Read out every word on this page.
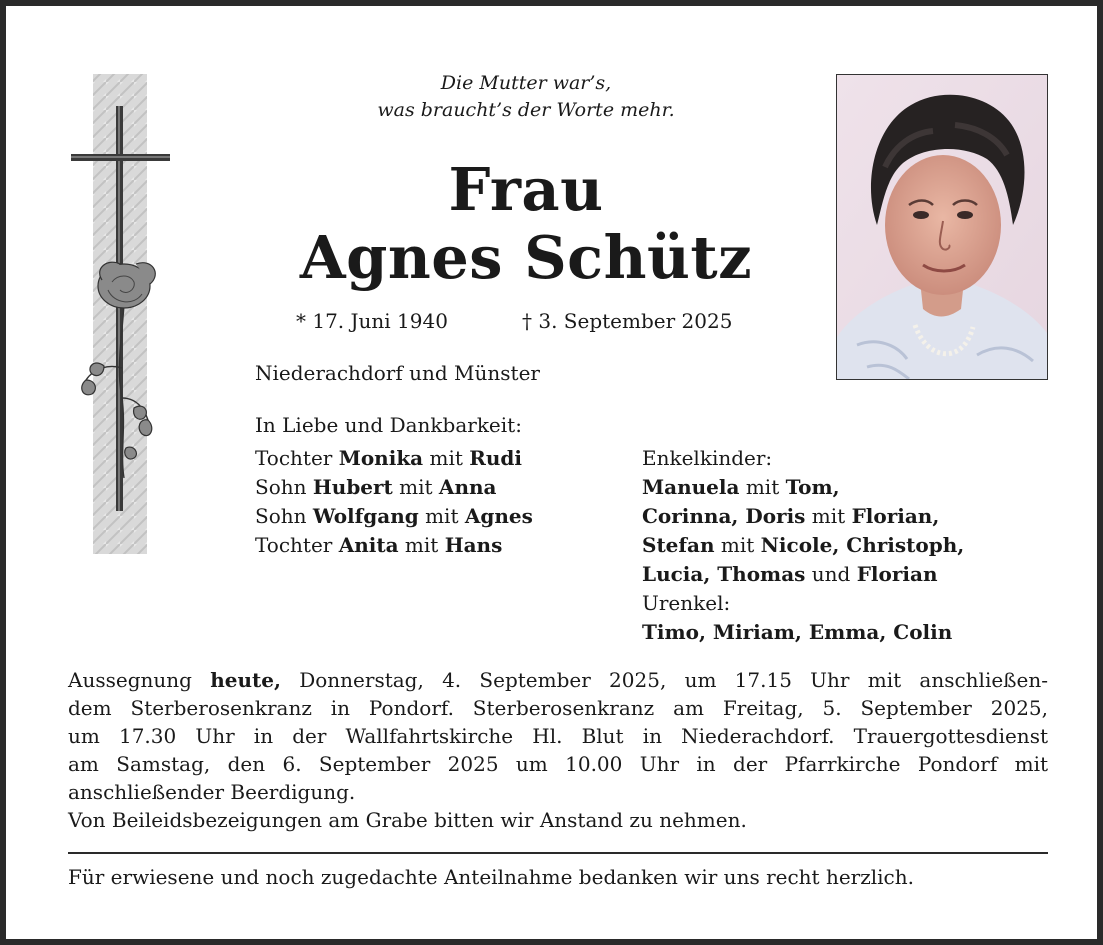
Die Mutter war’s,
was braucht’s der Worte mehr.
Frau
Agnes Schütz
* 17. Juni 1940	† 3. September 2025
Niederachdorf und Münster
In Liebe und Dankbarkeit:
Tochter Monika mit Rudi
Sohn Hubert mit Anna
Sohn Wolfgang mit Agnes
Tochter Anita mit Hans
Enkelkinder:
Manuela mit Tom,
Corinna, Doris mit Florian,
Stefan mit Nicole, Christoph,
Lucia, Thomas und Florian
Urenkel:
Timo, Miriam, Emma, Colin
Aussegnung heute, Donnerstag, 4. September 2025, um 17.15 Uhr mit anschließen-
dem Sterberosenkranz in Pondorf. Sterberosenkranz am Freitag, 5. September 2025,
um 17.30 Uhr in der Wallfahrtskirche Hl. Blut in Niederachdorf. Trauergottesdienst
am Samstag, den 6. September 2025 um 10.00 Uhr in der Pfarrkirche Pondorf mit
anschließender Beerdigung.
Von Beileidsbezeigungen am Grabe bitten wir Anstand zu nehmen.
Für erwiesene und noch zugedachte Anteilnahme bedanken wir uns recht herzlich.
